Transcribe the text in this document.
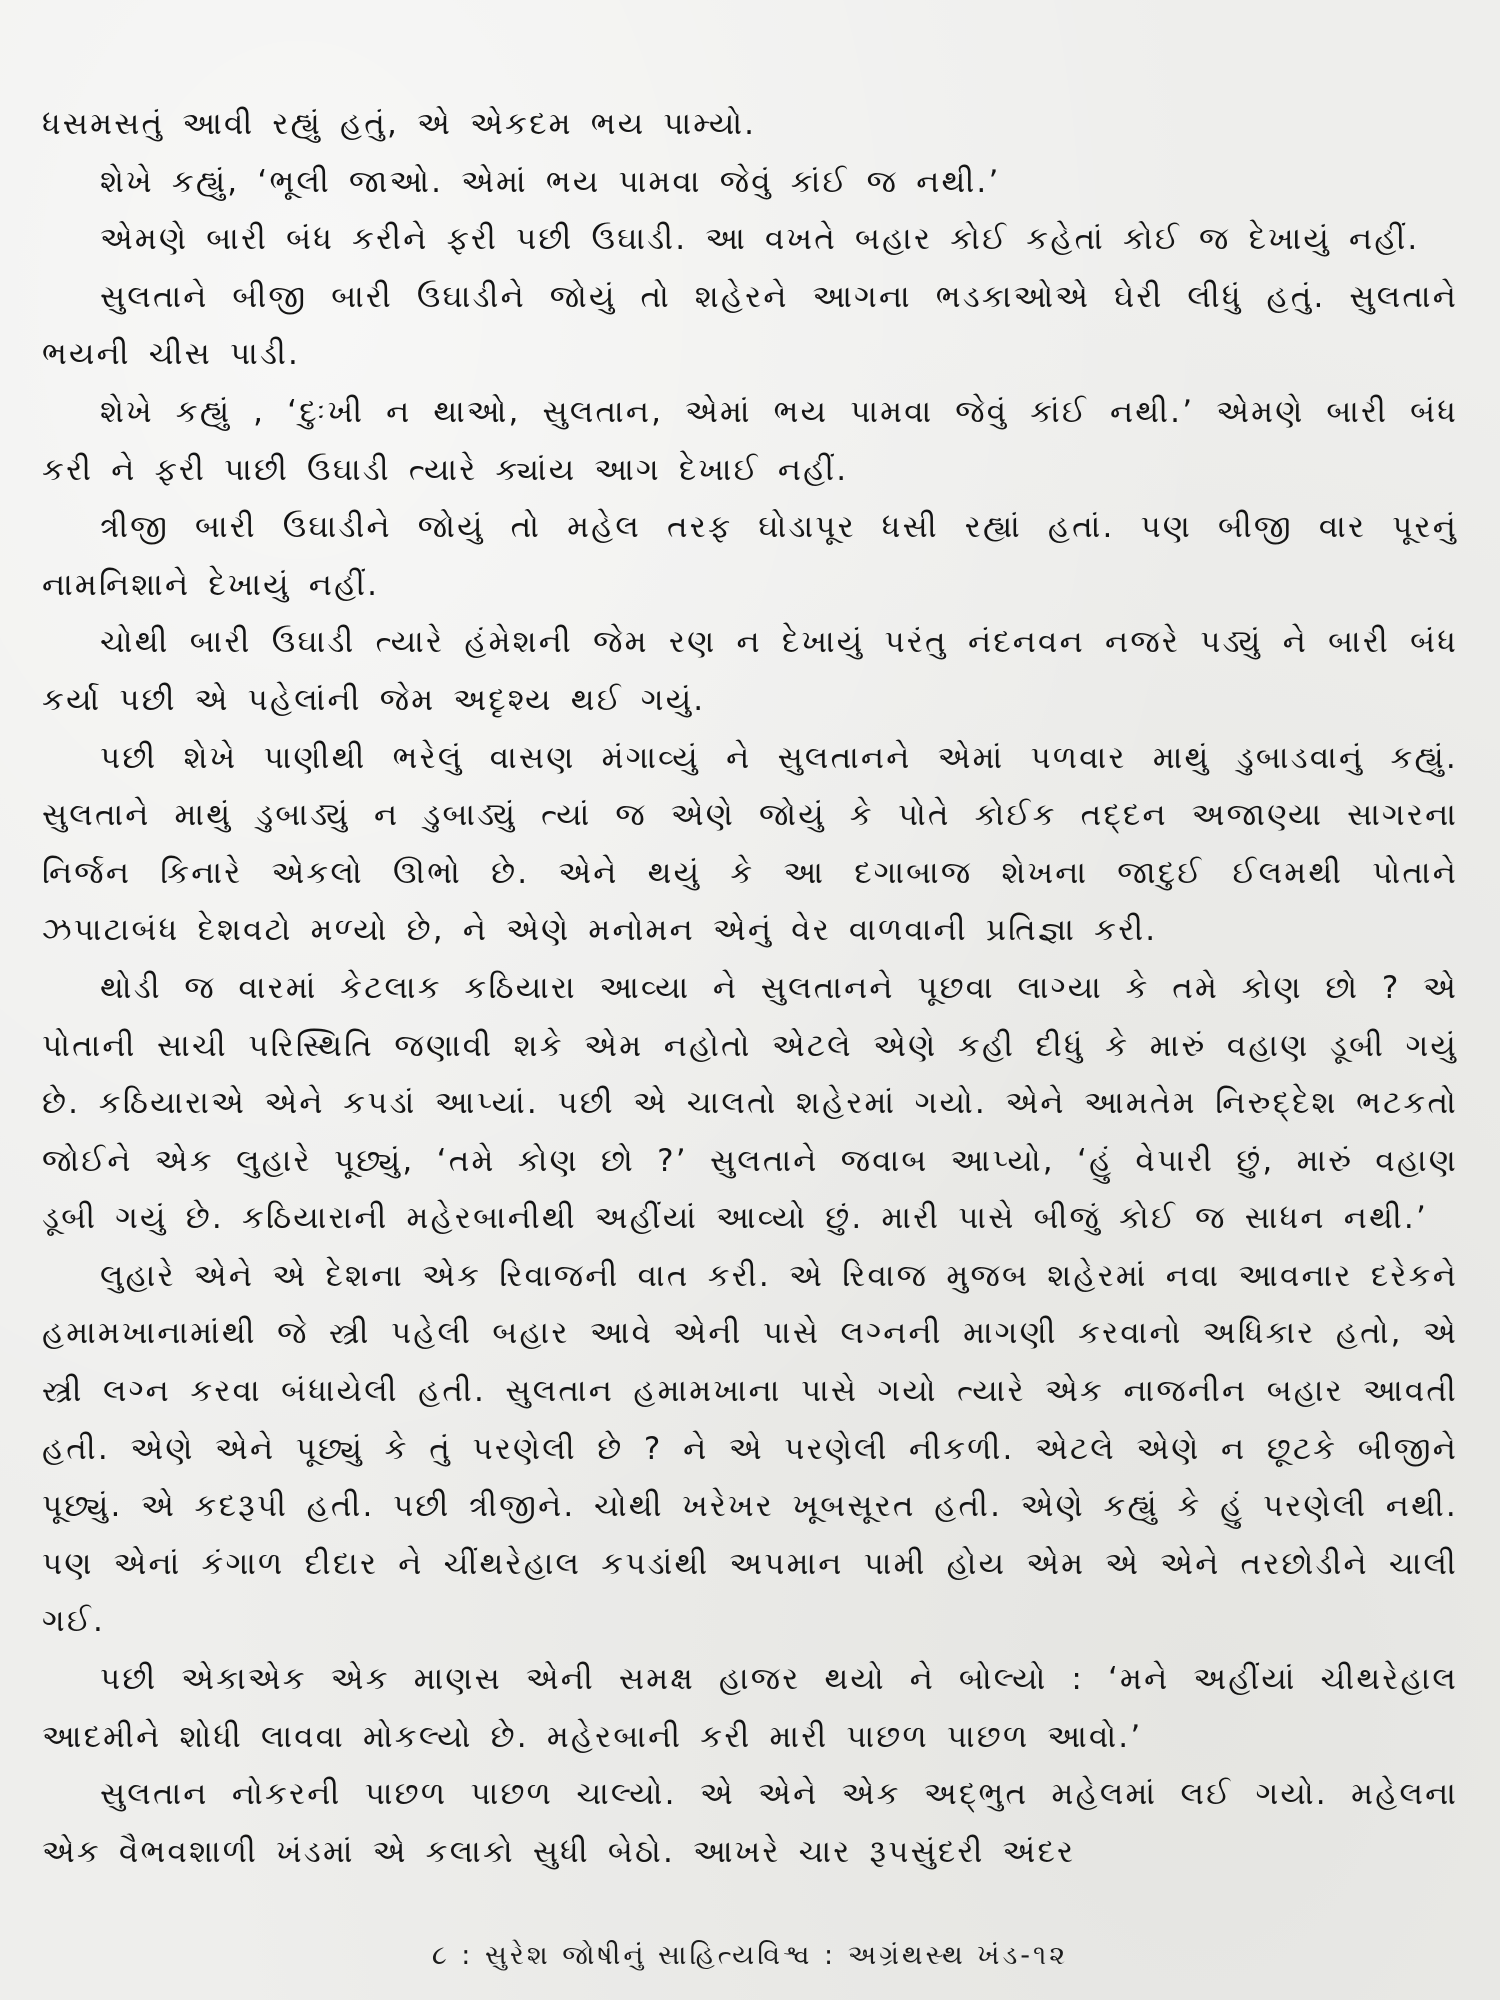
ધસમસતું આવી રહ્યું હતું, એ એકદમ ભય પામ્યો.

શેખે કહ્યું, ‘ભૂલી જાઓ. એમાં ભય પામવા જેવું કાંઈ જ નથી.’

એમણે બારી બંધ કરીને ફરી પછી ઉઘાડી. આ વખતે બહાર કોઈ કહેતાં કોઈ જ દેખાયું નહીં.

સુલતાને બીજી બારી ઉઘાડીને જોયું તો શહેરને આગના ભડકાઓએ ઘેરી લીધું હતું. સુલતાને ભયની ચીસ પાડી.

શેખે કહ્યું , ‘દુઃખી ન થાઓ, સુલતાન, એમાં ભય પામવા જેવું કાંઈ નથી.’ એમણે બારી બંધ કરી ને ફરી પાછી ઉઘાડી ત્યારે ક્યાંય આગ દેખાઈ નહીં.

ત્રીજી બારી ઉઘાડીને જોયું તો મહેલ તરફ ઘોડાપૂર ધસી રહ્યાં હતાં. પણ બીજી વાર પૂરનું નામનિશાને દેખાયું નહીં.

ચોથી બારી ઉઘાડી ત્યારે હંમેશની જેમ રણ ન દેખાયું પરંતુ નંદનવન નજરે પડ્યું ને બારી બંધ કર્યા પછી એ પહેલાંની જેમ અદૃશ્ય થઈ ગયું.

પછી શેખે પાણીથી ભરેલું વાસણ મંગાવ્યું ને સુલતાનને એમાં પળવાર માથું ડુબાડવાનું કહ્યું. સુલતાને માથું ડુબાડ્યું ન ડુબાડ્યું ત્યાં જ એણે જોયું કે પોતે કોઈક તદ્દન અજાણ્યા સાગરના નિર્જન કિનારે એકલો ઊભો છે. એને થયું કે આ દગાબાજ શેખના જાદુઈ ઈલમથી પોતાને ઝપાટાબંધ દેશવટો મળ્યો છે, ને એણે મનોમન એનું વેર વાળવાની પ્રતિજ્ઞા કરી.

થોડી જ વારમાં કેટલાક કઠિયારા આવ્યા ને સુલતાનને પૂછવા લાગ્યા કે તમે કોણ છો ? એ પોતાની સાચી પરિસ્થિતિ જણાવી શકે એમ નહોતો એટલે એણે કહી દીધું કે મારું વહાણ ડૂબી ગયું છે. કઠિયારાએ એને કપડાં આપ્યાં. પછી એ ચાલતો શહેરમાં ગયો. એને આમતેમ નિરુદ્દેશ ભટકતો જોઈને એક લુહારે પૂછ્યું, ‘તમે કોણ છો ?’ સુલતાને જવાબ આપ્યો, ‘હું વેપારી છું, મારું વહાણ ડૂબી ગયું છે. કઠિયારાની મહેરબાનીથી અહીંયાં આવ્યો છું. મારી પાસે બીજું કોઈ જ સાધન નથી.’

લુહારે એને એ દેશના એક રિવાજની વાત કરી. એ રિવાજ મુજબ શહેરમાં નવા આવનાર દરેકને હમામખાનામાંથી જે સ્ત્રી પહેલી બહાર આવે એની પાસે લગ્નની માગણી કરવાનો અધિકાર હતો, એ સ્ત્રી લગ્ન કરવા બંધાયેલી હતી. સુલતાન હમામખાના પાસે ગયો ત્યારે એક નાજનીન બહાર આવતી હતી. એણે એને પૂછ્યું કે તું પરણેલી છે ? ને એ પરણેલી નીકળી. એટલે એણે ન છૂટકે બીજીને પૂછ્યું. એ કદરૂપી હતી. પછી ત્રીજીને. ચોથી ખરેખર ખૂબસૂરત હતી. એણે કહ્યું કે હું પરણેલી નથી. પણ એનાં કંગાળ દીદાર ને ચીંથરેહાલ કપડાંથી અપમાન પામી હોય એમ એ એને તરછોડીને ચાલી ગઈ.

પછી એકાએક એક માણસ એની સમક્ષ હાજર થયો ને બોલ્યો : ‘મને અહીંયાં ચીથરેહાલ આદમીને શોધી લાવવા મોકલ્યો છે. મહેરબાની કરી મારી પાછળ પાછળ આવો.’

સુલતાન નોકરની પાછળ પાછળ ચાલ્યો. એ એને એક અદ્ભુત મહેલમાં લઈ ગયો. મહેલના એક વૈભવશાળી ખંડમાં એ કલાકો સુધી બેઠો. આખરે ચાર રૂપસુંદરી અંદર

૮ : સુરેશ જોષીનું સાહિત્યવિશ્વ : અગ્રંથસ્થ ખંડ-૧૨
